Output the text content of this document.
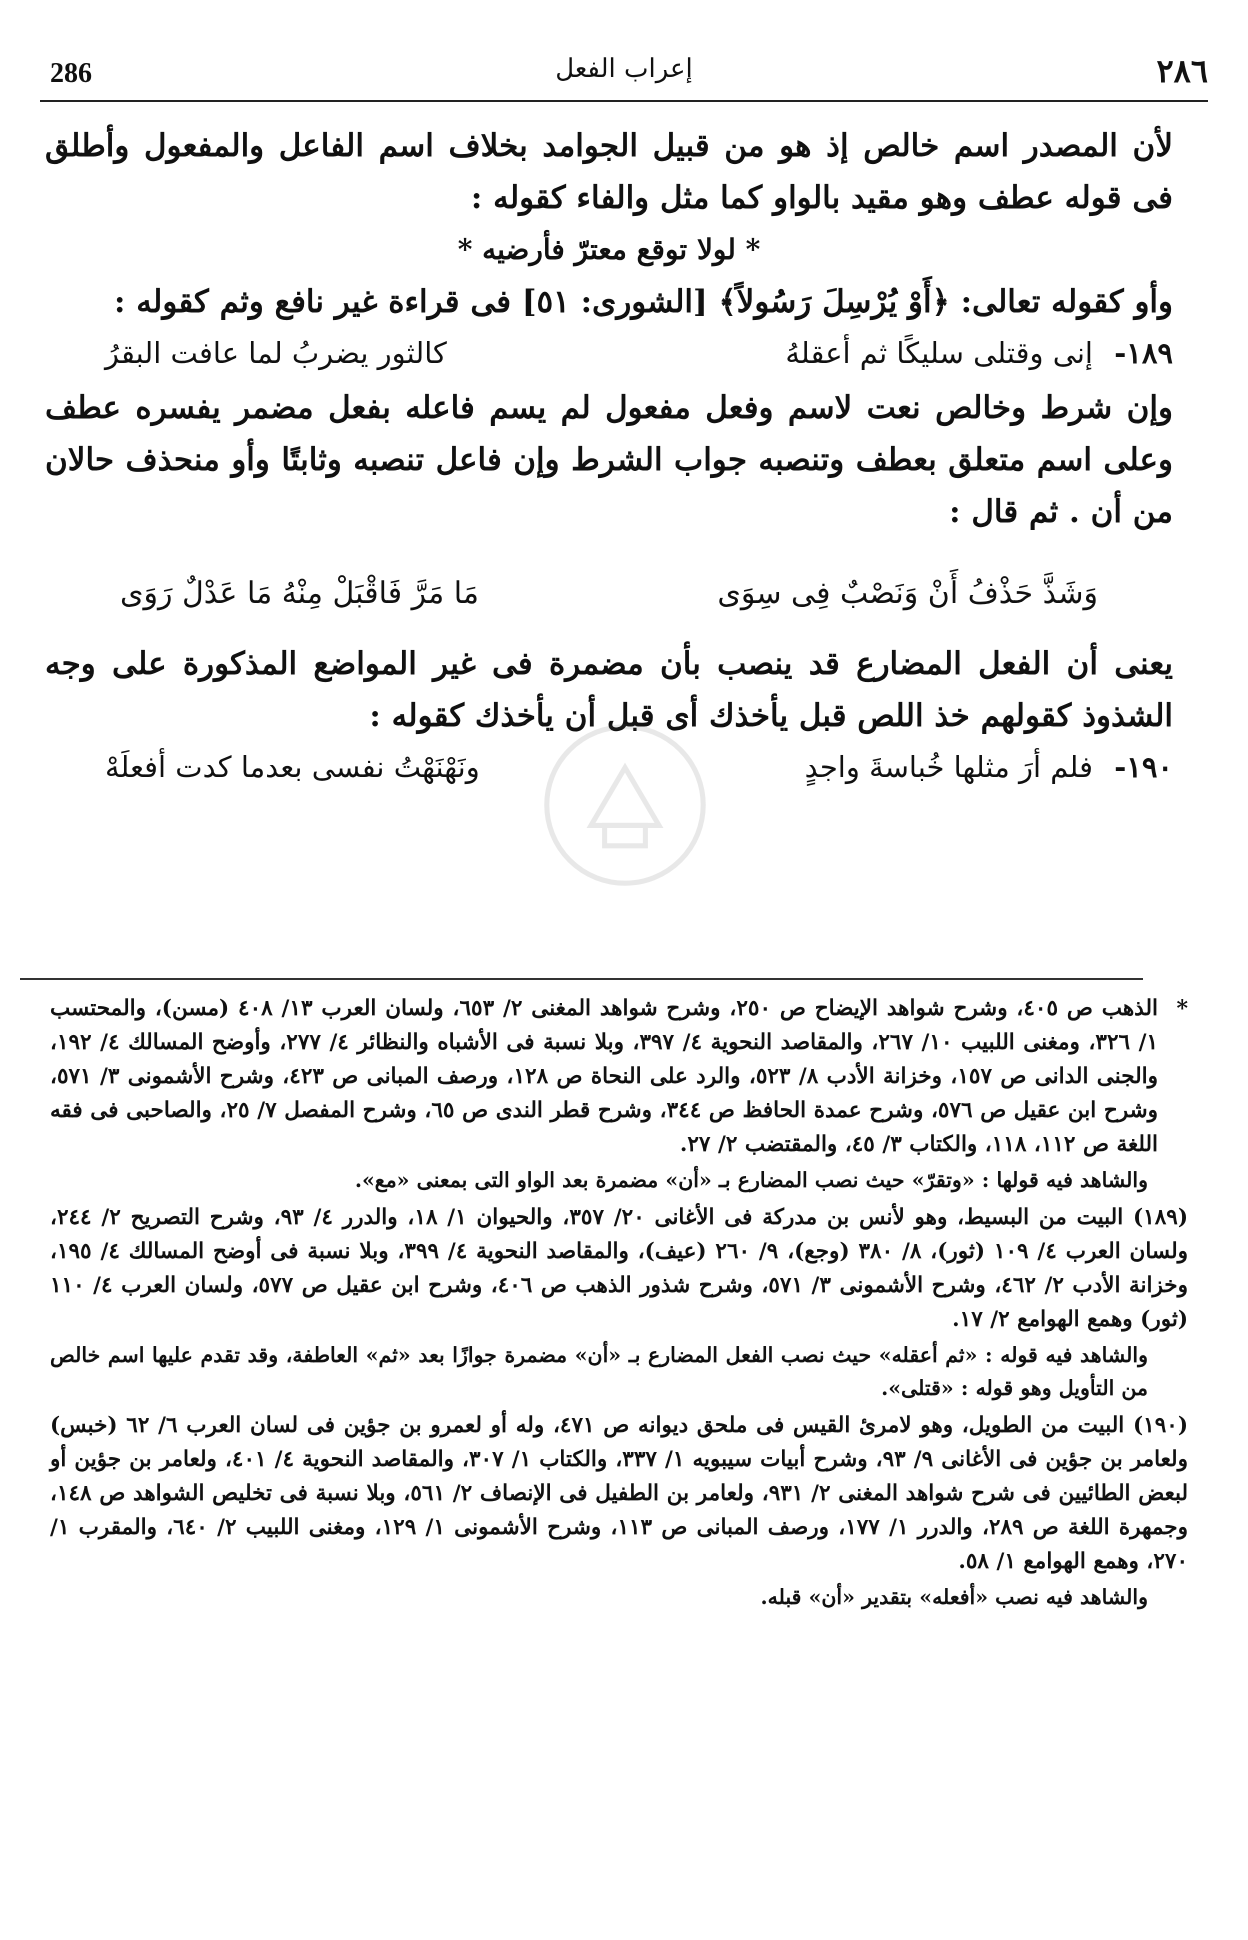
286	إعراب الفعل	٢٨٦

لأن المصدر اسم خالص إذ هو من قبيل الجوامد بخلاف اسم الفاعل والمفعول وأطلق فى قوله عطف وهو مقيد بالواو كما مثل والفاء كقوله :

* لولا توقع معترّ فأرضيه *

وأو كقوله تعالى: ﴿أَوْ يُرْسِلَ رَسُولاً﴾ [الشورى: ٥١] فى قراءة غير نافع وثم كقوله :

١٨٩-
إنى وقتلى سليكًا ثم أعقلهُ
كالثور يضربُ لما عافت البقرُ

وإن شرط وخالص نعت لاسم وفعل مفعول لم يسم فاعله بفعل مضمر يفسره عطف وعلى اسم متعلق بعطف وتنصبه جواب الشرط وإن فاعل تنصبه وثابتًا وأو منحذف حالان من أن . ثم قال :

وَشَذَّ حَذْفُ أَنْ وَنَصْبٌ فِى سِوَى
مَا مَرَّ فَاقْبَلْ مِنْهُ مَا عَدْلٌ رَوَى

يعنى أن الفعل المضارع قد ينصب بأن مضمرة فى غير المواضع المذكورة على وجه الشذوذ كقولهم خذ اللص قبل يأخذك أى قبل أن يأخذك كقوله :

١٩٠-
فلم أرَ مثلها خُباسةَ واجدٍ
ونَهْنَهْتُ نفسى بعدما كدت أفعلَهْ
*
الذهب ص ٤٠٥، وشرح شواهد الإيضاح ص ٢٥٠، وشرح شواهد المغنى ٢/ ٦٥٣، ولسان العرب ١٣/ ٤٠٨ (مسن)، والمحتسب ١/ ٣٢٦، ومغنى اللبيب ١٠/ ٢٦٧، والمقاصد النحوية ٤/ ٣٩٧، وبلا نسبة فى الأشباه والنظائر ٤/ ٢٧٧، وأوضح المسالك ٤/ ١٩٢، والجنى الدانى ص ١٥٧، وخزانة الأدب ٨/ ٥٢٣، والرد على النحاة ص ١٢٨، ورصف المبانى ص ٤٢٣، وشرح الأشمونى ٣/ ٥٧١، وشرح ابن عقيل ص ٥٧٦، وشرح عمدة الحافظ ص ٣٤٤، وشرح قطر الندى ص ٦٥، وشرح المفصل ٧/ ٢٥، والصاحبى فى فقه اللغة ص ١١٢، ١١٨، والكتاب ٣/ ٤٥، والمقتضب ٢/ ٢٧.

والشاهد فيه قولها : «وتقرّ» حيث نصب المضارع بـ «أن» مضمرة بعد الواو التى بمعنى «مع».

(١٨٩) البيت من البسيط، وهو لأنس بن مدركة فى الأغانى ٢٠/ ٣٥٧، والحيوان ١/ ١٨، والدرر ٤/ ٩٣، وشرح التصريح ٢/ ٢٤٤، ولسان العرب ٤/ ١٠٩ (ثور)، ٨/ ٣٨٠ (وجع)، ٩/ ٢٦٠ (عيف)، والمقاصد النحوية ٤/ ٣٩٩، وبلا نسبة فى أوضح المسالك ٤/ ١٩٥، وخزانة الأدب ٢/ ٤٦٢، وشرح الأشمونى ٣/ ٥٧١، وشرح شذور الذهب ص ٤٠٦، وشرح ابن عقيل ص ٥٧٧، ولسان العرب ٤/ ١١٠ (ثور) وهمع الهوامع ٢/ ١٧.

والشاهد فيه قوله : «ثم أعقله» حيث نصب الفعل المضارع بـ «أن» مضمرة جوازًا بعد «ثم» العاطفة، وقد تقدم عليها اسم خالص من التأويل وهو قوله : «قتلى».

(١٩٠) البيت من الطويل، وهو لامرئ القيس فى ملحق ديوانه ص ٤٧١، وله أو لعمرو بن جؤين فى لسان العرب ٦/ ٦٢ (خبس) ولعامر بن جؤين فى الأغانى ٩/ ٩٣، وشرح أبيات سيبويه ١/ ٣٣٧، والكتاب ١/ ٣٠٧، والمقاصد النحوية ٤/ ٤٠١، ولعامر بن جؤين أو لبعض الطائيين فى شرح شواهد المغنى ٢/ ٩٣١، ولعامر بن الطفيل فى الإنصاف ٢/ ٥٦١، وبلا نسبة فى تخليص الشواهد ص ١٤٨، وجمهرة اللغة ص ٢٨٩، والدرر ١/ ١٧٧، ورصف المبانى ص ١١٣، وشرح الأشمونى ١/ ١٢٩، ومغنى اللبيب ٢/ ٦٤٠، والمقرب ١/ ٢٧٠، وهمع الهوامع ١/ ٥٨.

والشاهد فيه نصب «أفعله» بتقدير «أن» قبله.
